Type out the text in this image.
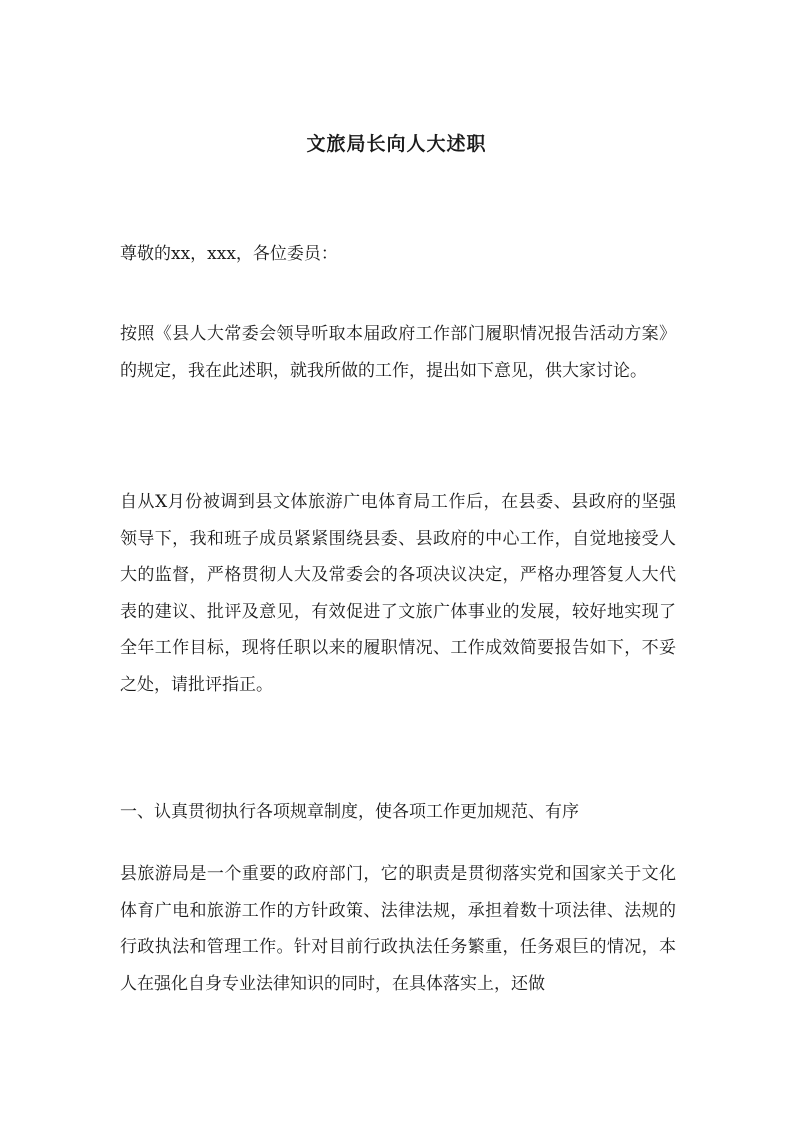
文旅局长向人大述职

尊敬的xx，xxx，各位委员：

按照《县人大常委会领导听取本届政府工作部门履职情况报告活动方案》的规定，我在此述职，就我所做的工作，提出如下意见，供大家讨论。

自从X月份被调到县文体旅游广电体育局工作后，在县委、县政府的坚强领导下，我和班子成员紧紧围绕县委、县政府的中心工作，自觉地接受人大的监督，严格贯彻人大及常委会的各项决议决定，严格办理答复人大代表的建议、批评及意见，有效促进了文旅广体事业的发展，较好地实现了全年工作目标，现将任职以来的履职情况、工作成效简要报告如下，不妥之处，请批评指正。

一、认真贯彻执行各项规章制度，使各项工作更加规范、有序

县旅游局是一个重要的政府部门，它的职责是贯彻落实党和国家关于文化体育广电和旅游工作的方针政策、法律法规，承担着数十项法律、法规的行政执法和管理工作。针对目前行政执法任务繁重，任务艰巨的情况，本人在强化自身专业法律知识的同时，在具体落实上，还做
